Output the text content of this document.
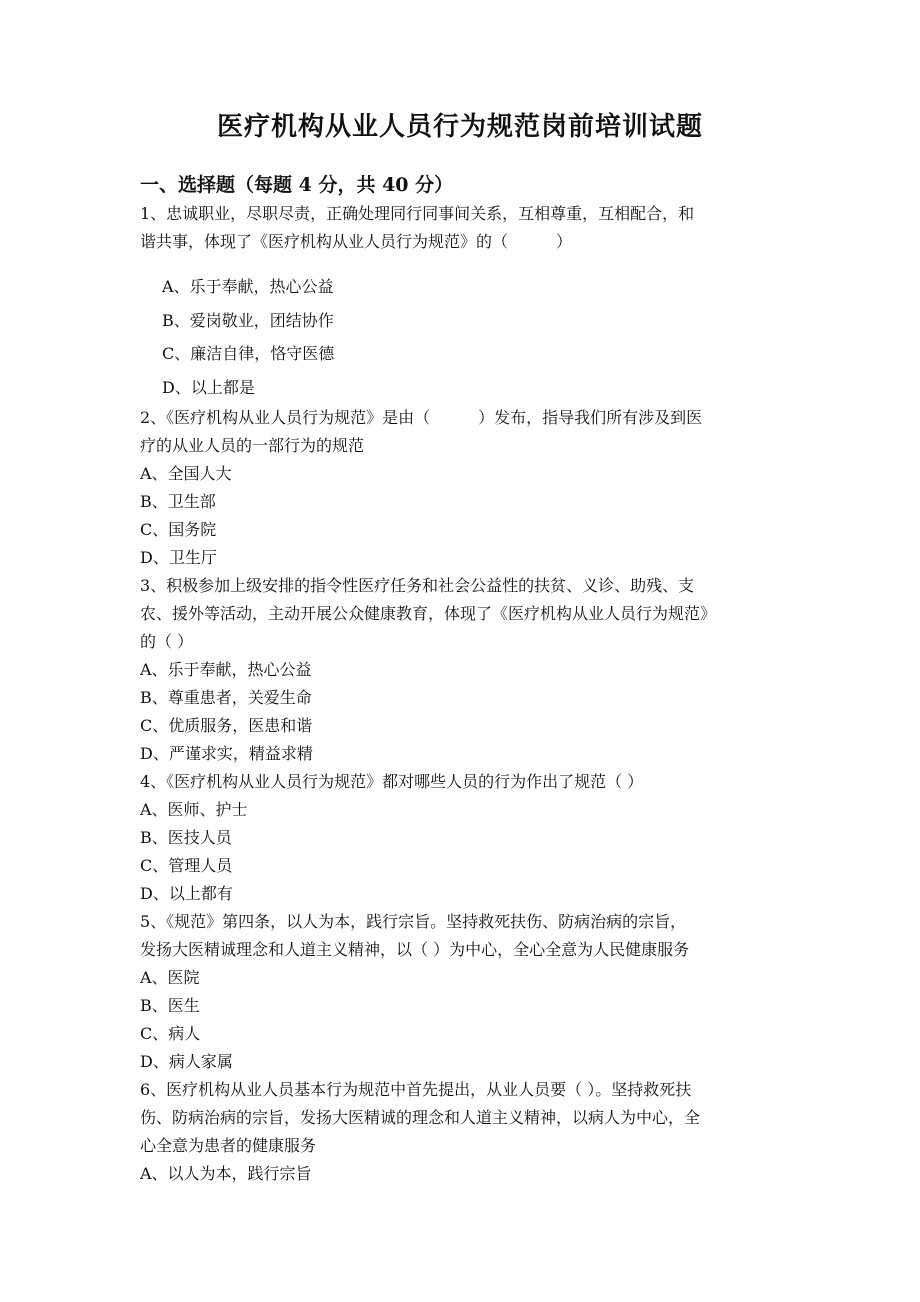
医疗机构从业人员行为规范岗前培训试题
一、选择题（每题 4 分，共 40 分）
1、忠诚职业，尽职尽责，正确处理同行同事间关系，互相尊重，互相配合，和
谐共事，体现了《医疗机构从业人员行为规范》的（　　　）
A、乐于奉献，热心公益
B、爱岗敬业，团结协作
C、廉洁自律，恪守医德
D、以上都是
2、《医疗机构从业人员行为规范》是由（　　　）发布，指导我们所有涉及到医
疗的从业人员的一部行为的规范
A、全国人大
B、卫生部
C、国务院
D、卫生厅
3、积极参加上级安排的指令性医疗任务和社会公益性的扶贫、义诊、助残、支
农、援外等活动，主动开展公众健康教育，体现了《医疗机构从业人员行为规范》
的（ ）
A、乐于奉献，热心公益
B、尊重患者，关爱生命
C、优质服务，医患和谐
D、严谨求实，精益求精
4、《医疗机构从业人员行为规范》都对哪些人员的行为作出了规范（ ）
A、医师、护士
B、医技人员
C、管理人员
D、以上都有
5、《规范》第四条，以人为本，践行宗旨。坚持救死扶伤、防病治病的宗旨，
发扬大医精诚理念和人道主义精神，以（ ）为中心，全心全意为人民健康服务
A、医院
B、医生
C、病人
D、病人家属
6、医疗机构从业人员基本行为规范中首先提出，从业人员要（ ）。坚持救死扶
伤、防病治病的宗旨，发扬大医精诚的理念和人道主义精神，以病人为中心，全
心全意为患者的健康服务
A、以人为本，践行宗旨
